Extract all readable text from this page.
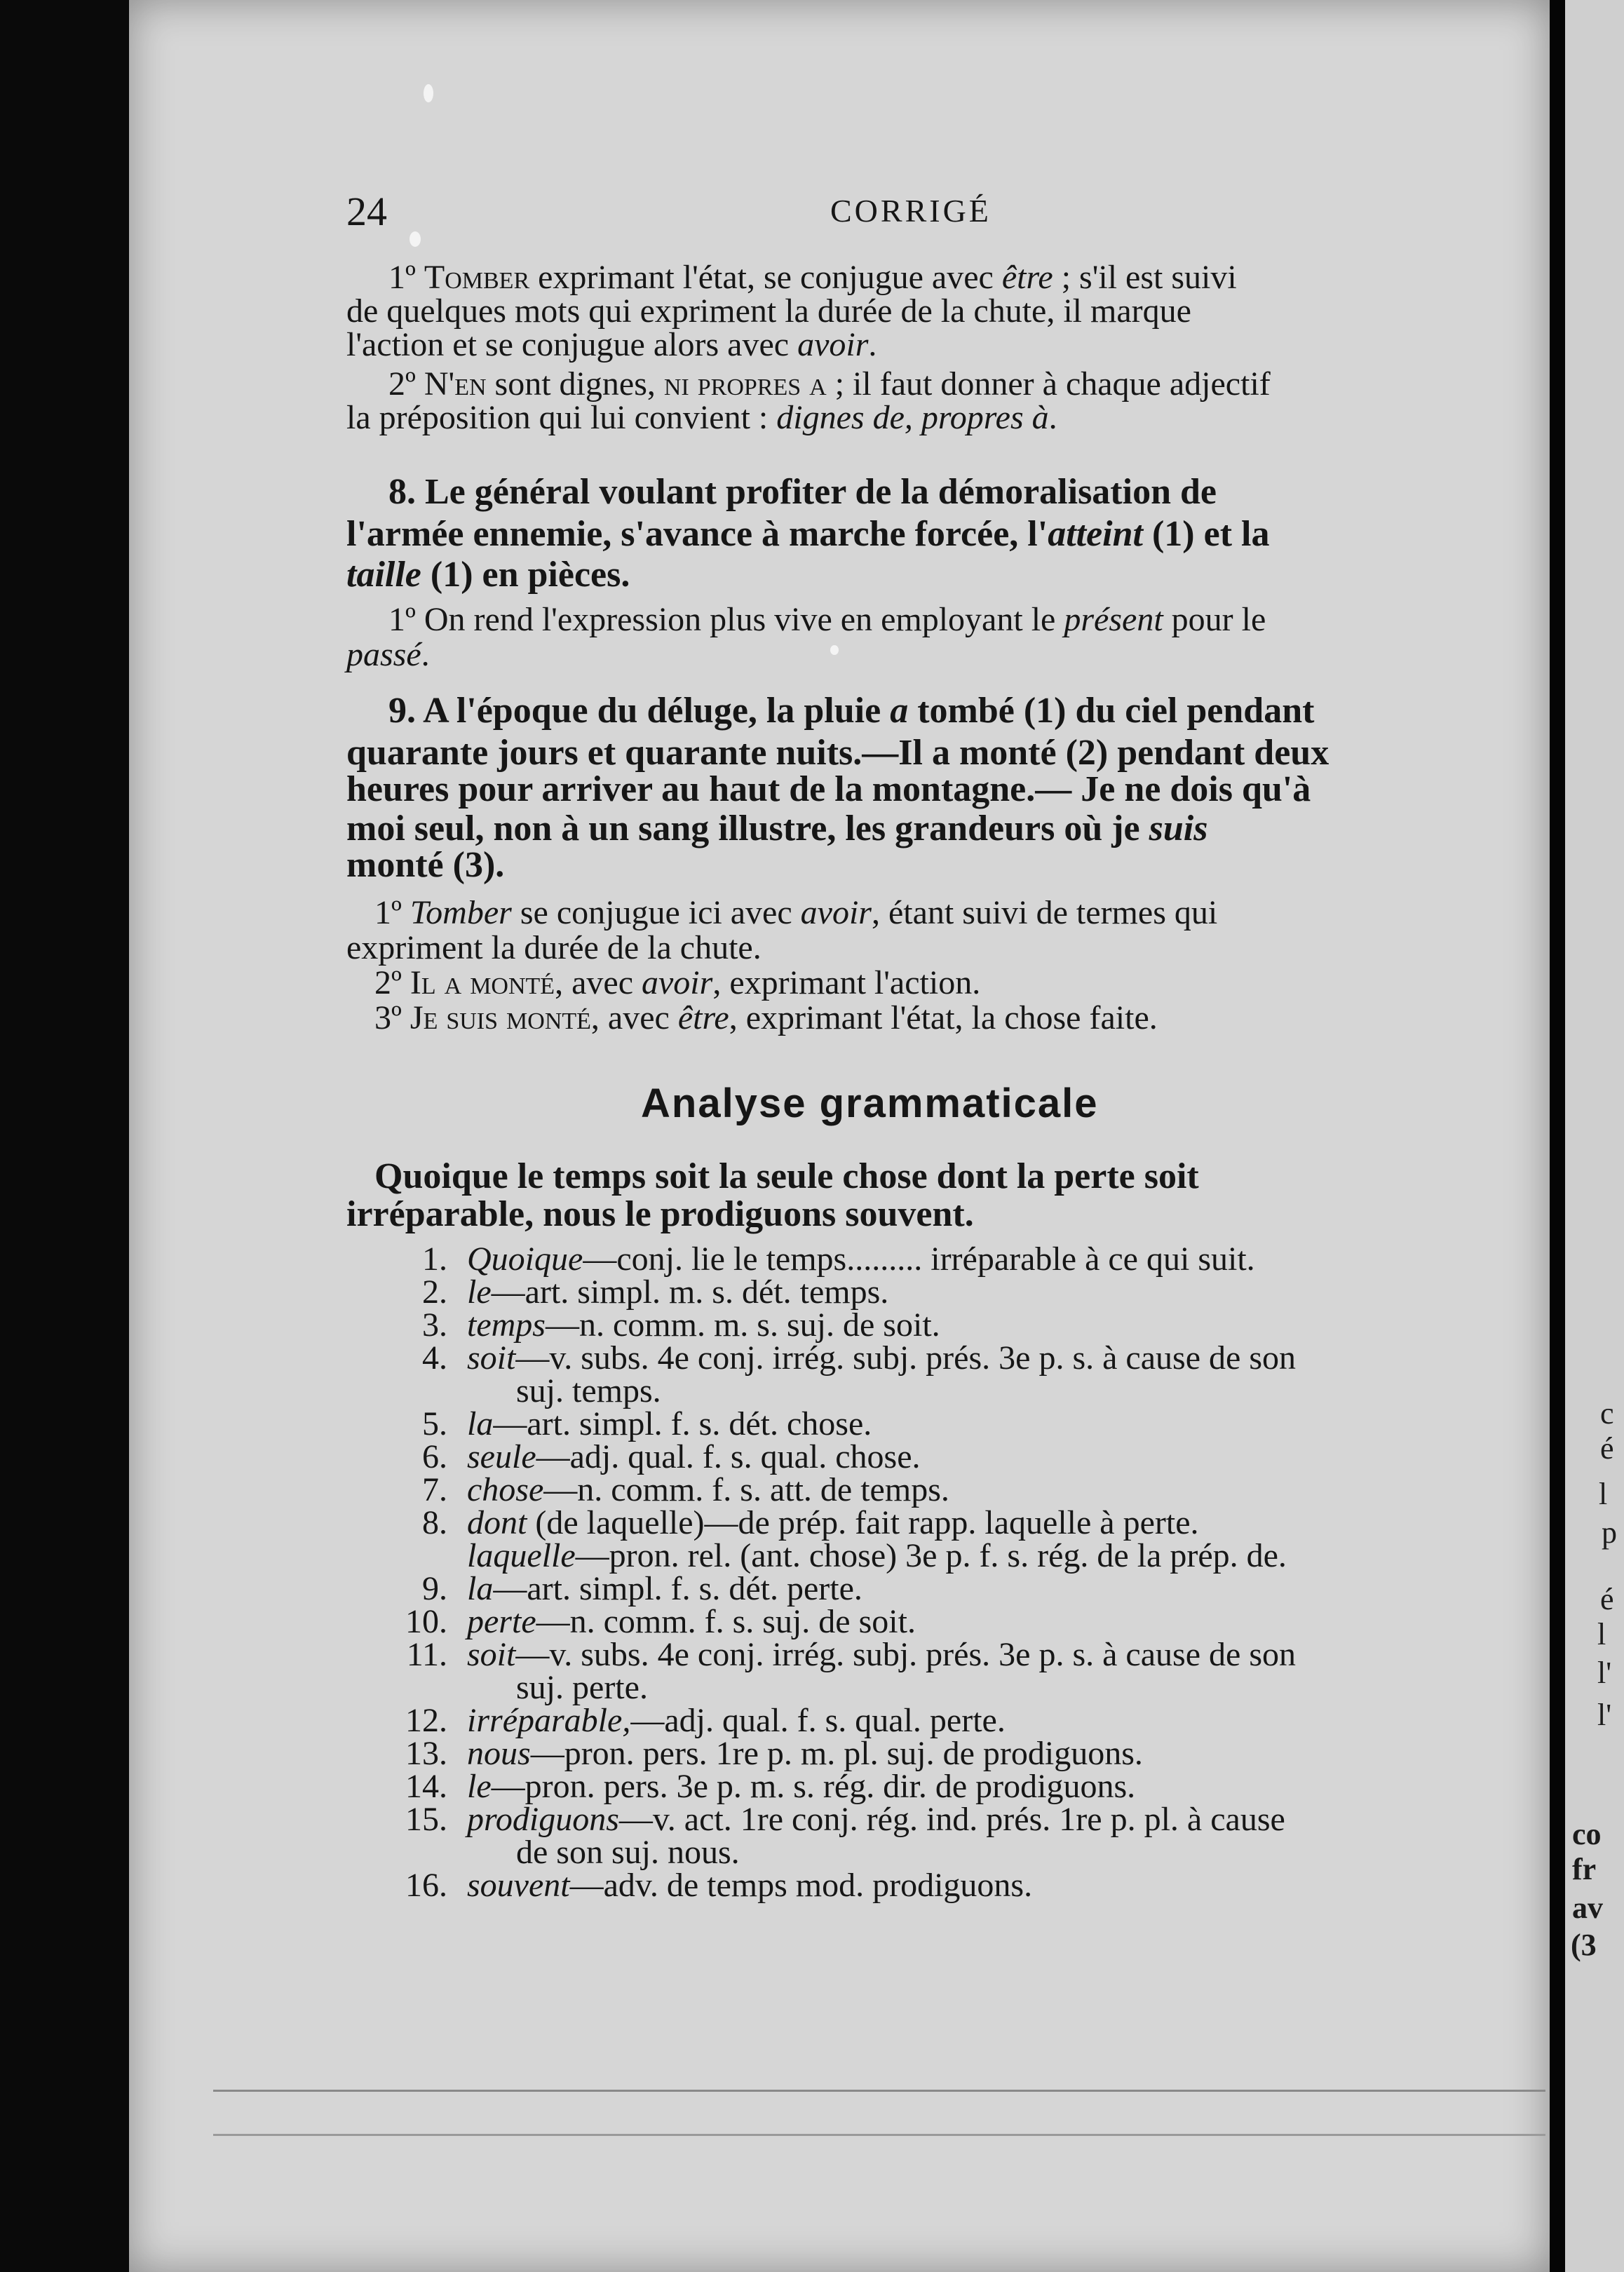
24	CORRIGÉ
1º Tomber exprimant l'état, se conjugue avec être ; s'il est suivi
de quelques mots qui expriment la durée de la chute, il marque
l'action et se conjugue alors avec avoir.
2º N'en sont dignes, ni propres a ; il faut donner à chaque adjectif
la préposition qui lui convient : dignes de, propres à.
8. Le général voulant profiter de la démoralisation de
l'armée ennemie, s'avance à marche forcée, l'atteint (1) et la
taille (1) en pièces.
1º On rend l'expression plus vive en employant le présent pour le
passé.
9. A l'époque du déluge, la pluie a tombé (1) du ciel pendant
quarante jours et quarante nuits.—Il a monté (2) pendant deux
heures pour arriver au haut de la montagne.— Je ne dois qu'à
moi seul, non à un sang illustre, les grandeurs où je suis
monté (3).
1º Tomber se conjugue ici avec avoir, étant suivi de termes qui
expriment la durée de la chute.
2º Il a monté, avec avoir, exprimant l'action.
3º Je suis monté, avec être, exprimant l'état, la chose faite.
Analyse grammaticale
Quoique le temps soit la seule chose dont la perte soit
irréparable, nous le prodiguons souvent.
1. Quoique—conj. lie le temps......... irréparable à ce qui suit.
2. le—art. simpl. m. s. dét. temps.
3. temps—n. comm. m. s. suj. de soit.
4. soit—v. subs. 4e conj. irrég. subj. prés. 3e p. s. à cause de son
suj. temps.
5. la—art. simpl. f. s. dét. chose.
6. seule—adj. qual. f. s. qual. chose.
7. chose—n. comm. f. s. att. de temps.
8. dont (de laquelle)—de prép. fait rapp. laquelle à perte.
laquelle—pron. rel. (ant. chose) 3e p. f. s. rég. de la prép. de.
9. la—art. simpl. f. s. dét. perte.
10. perte—n. comm. f. s. suj. de soit.
11. soit—v. subs. 4e conj. irrég. subj. prés. 3e p. s. à cause de son
suj. perte.
12. irréparable,—adj. qual. f. s. qual. perte.
13. nous—pron. pers. 1re p. m. pl. suj. de prodiguons.
14. le—pron. pers. 3e p. m. s. rég. dir. de prodiguons.
15. prodiguons—v. act. 1re conj. rég. ind. prés. 1re p. pl. à cause
de son suj. nous.
16. souvent—adv. de temps mod. prodiguons.
c
é
l
p
é
l
l'
l'
co
fr
av
(3
